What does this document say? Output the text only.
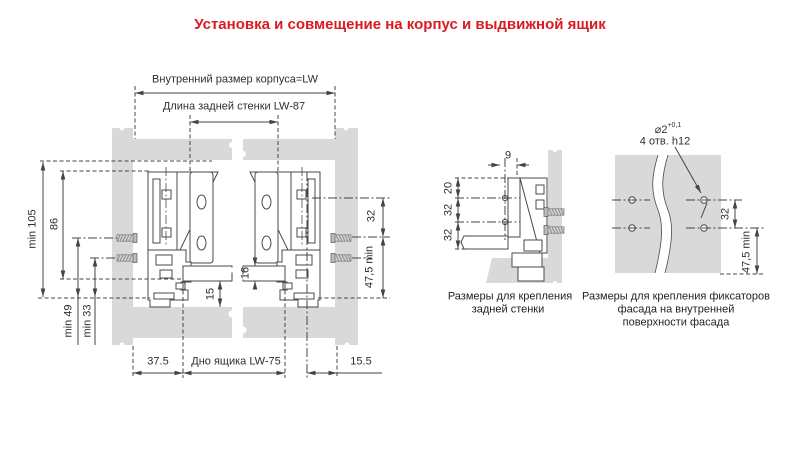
Установка и совмещение на корпус и выдвижной ящик
Внутренний размер корпуса=LW
Длина задней стенки LW-87
min 105 86
min 49 min 33
15
16
32
47,5 min
37.5 Дно ящика LW-75	15.5
9
20
32
32
Размеры для крепления
задней стенки
$⌀2^{+0,1}$
4 отв. h12
32
47,5 min
Размеры для крепления фиксаторов
фасада на внутренней
поверхности фасада
